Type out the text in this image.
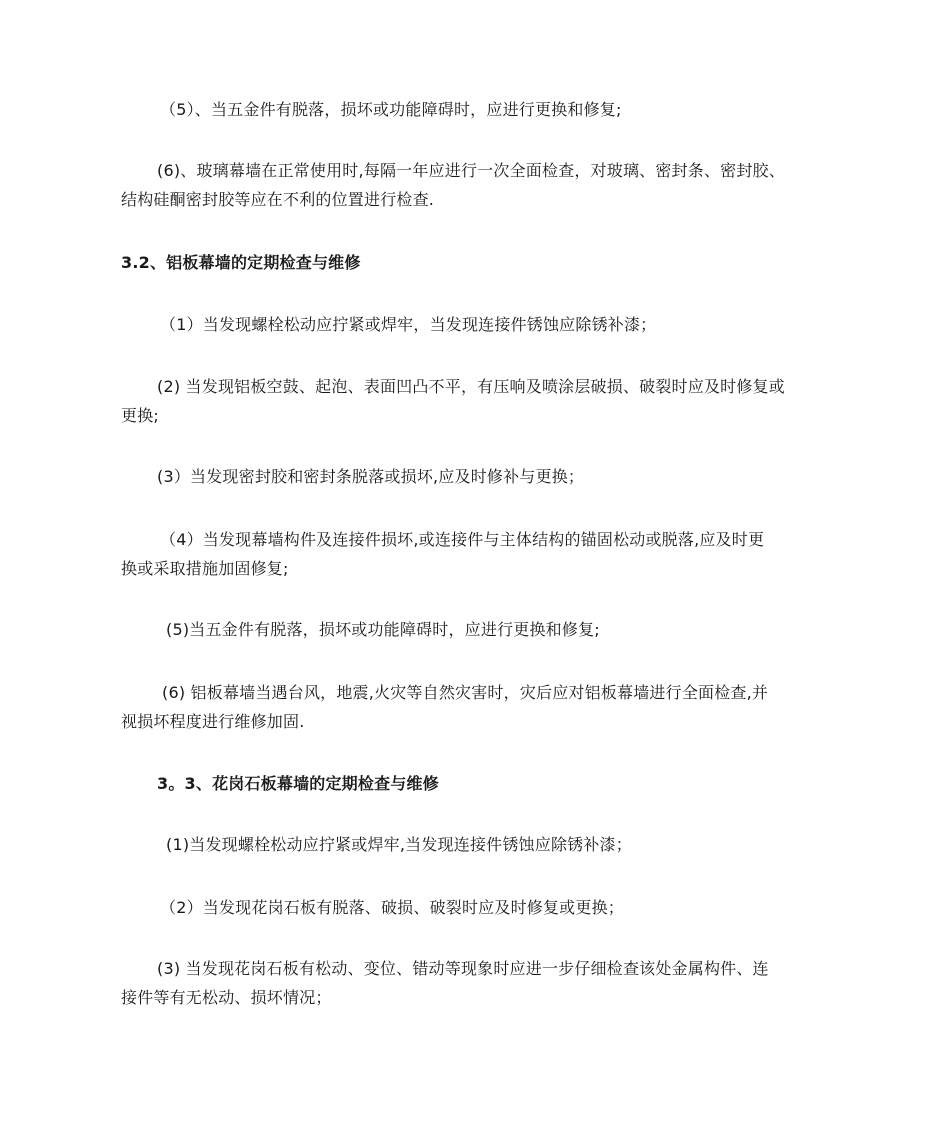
（5）、当五金件有脱落，损坏或功能障碍时，应进行更换和修复;
(6)、玻璃幕墙在正常使用时,每隔一年应进行一次全面检查，对玻璃、密封条、密封胶、
结构硅酮密封胶等应在不利的位置进行检查.
3.2、铝板幕墙的定期检查与维修
（1）当发现螺栓松动应拧紧或焊牢，当发现连接件锈蚀应除锈补漆；
(2) 当发现铝板空鼓、起泡、表面凹凸不平，有压响及喷涂层破损、破裂时应及时修复或
更换;
(3）当发现密封胶和密封条脱落或损坏,应及时修补与更换；
（4）当发现幕墙构件及连接件损坏,或连接件与主体结构的锚固松动或脱落,应及时更
换或采取措施加固修复;
(5)当五金件有脱落，损坏或功能障碍时，应进行更换和修复;
(6) 铝板幕墙当遇台风，地震,火灾等自然灾害时，灾后应对铝板幕墙进行全面检查,并
视损坏程度进行维修加固.
3。3、花岗石板幕墙的定期检查与维修
(1)当发现螺栓松动应拧紧或焊牢,当发现连接件锈蚀应除锈补漆；
（2）当发现花岗石板有脱落、破损、破裂时应及时修复或更换；
(3) 当发现花岗石板有松动、变位、错动等现象时应进一步仔细检查该处金属构件、连
接件等有无松动、损坏情况；
